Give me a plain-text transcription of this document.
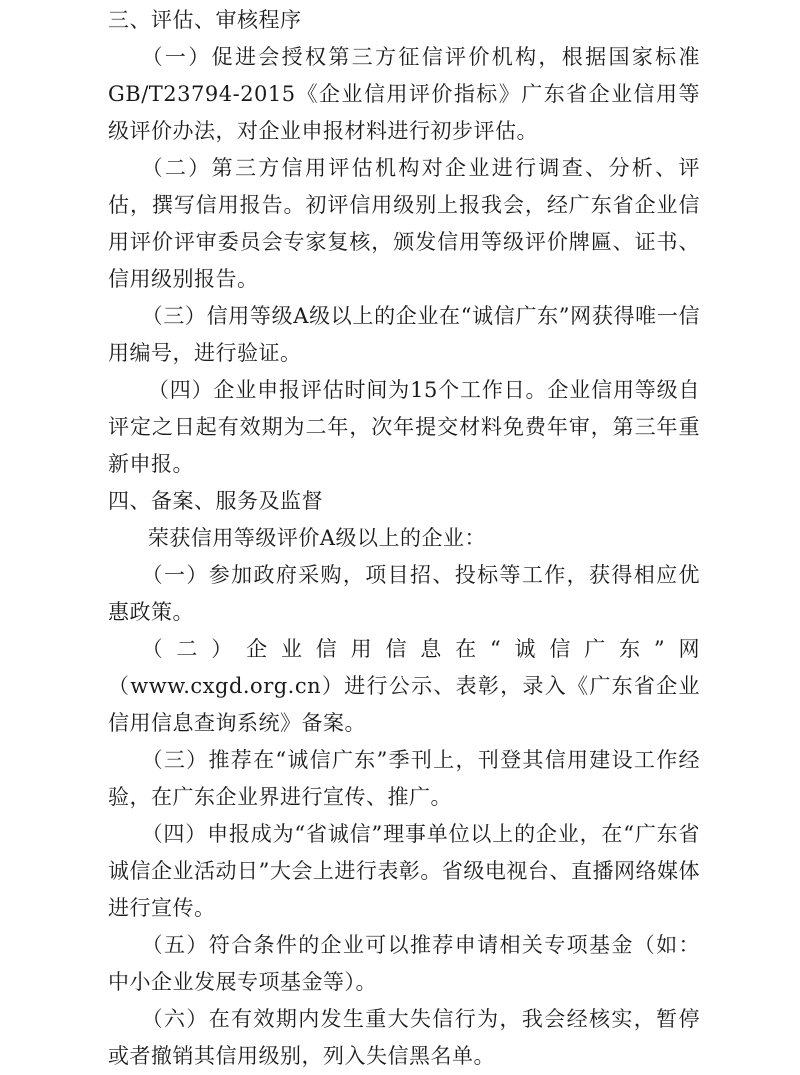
三、评估、审核程序

（一）促进会授权第三方征信评价机构，根据国家标准GB/T23794-2015《企业信用评价指标》广东省企业信用等级评价办法，对企业申报材料进行初步评估。

（二）第三方信用评估机构对企业进行调查、分析、评估，撰写信用报告。初评信用级别上报我会，经广东省企业信用评价评审委员会专家复核，颁发信用等级评价牌匾、证书、信用级别报告。

（三）信用等级A级以上的企业在“诚信广东”网获得唯一信用编号，进行验证。

（四）企业申报评估时间为15个工作日。企业信用等级自评定之日起有效期为二年，次年提交材料免费年审，第三年重新申报。

四、备案、服务及监督

荣获信用等级评价A级以上的企业：

（一）参加政府采购，项目招、投标等工作，获得相应优惠政策。

（二）企业信用信息在“诚信广东”网（www.cxgd.org.cn）进行公示、表彰，录入《广东省企业信用信息查询系统》备案。

（三）推荐在“诚信广东”季刊上，刊登其信用建设工作经验，在广东企业界进行宣传、推广。

（四）申报成为“省诚信”理事单位以上的企业，在“广东省诚信企业活动日”大会上进行表彰。省级电视台、直播网络媒体进行宣传。

（五）符合条件的企业可以推荐申请相关专项基金（如：中小企业发展专项基金等）。

（六）在有效期内发生重大失信行为，我会经核实，暂停或者撤销其信用级别，列入失信黑名单。
